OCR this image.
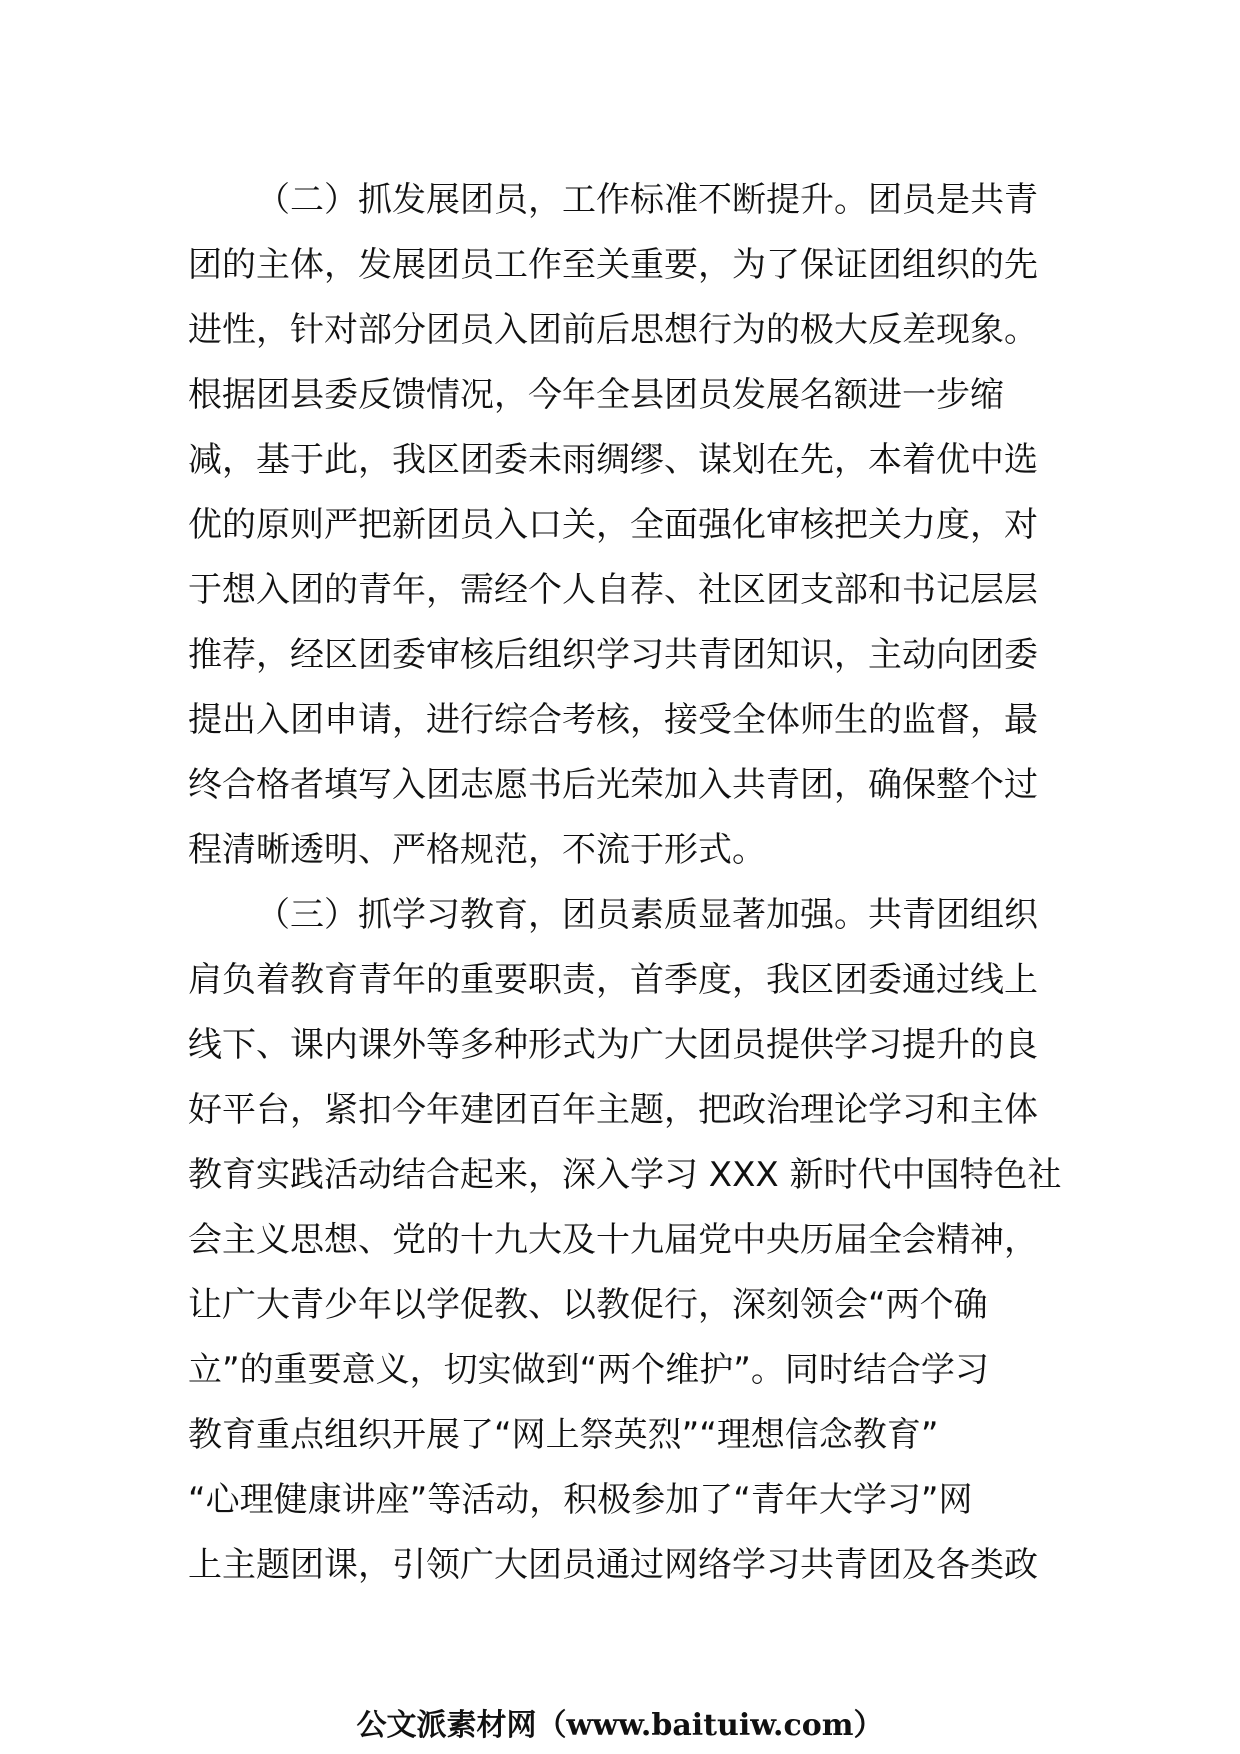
（二）抓发展团员，工作标准不断提升。团员是共青
团的主体，发展团员工作至关重要，为了保证团组织的先
进性，针对部分团员入团前后思想行为的极大反差现象。
根据团县委反馈情况，今年全县团员发展名额进一步缩
减，基于此，我区团委未雨绸缪、谋划在先，本着优中选
优的原则严把新团员入口关，全面强化审核把关力度，对
于想入团的青年，需经个人自荐、社区团支部和书记层层
推荐，经区团委审核后组织学习共青团知识，主动向团委
提出入团申请，进行综合考核，接受全体师生的监督，最
终合格者填写入团志愿书后光荣加入共青团，确保整个过
程清晰透明、严格规范，不流于形式。

（三）抓学习教育，团员素质显著加强。共青团组织
肩负着教育青年的重要职责，首季度，我区团委通过线上
线下、课内课外等多种形式为广大团员提供学习提升的良
好平台，紧扣今年建团百年主题，把政治理论学习和主体
教育实践活动结合起来，深入学习 XXX 新时代中国特色社
会主义思想、党的十九大及十九届党中央历届全会精神，
让广大青少年以学促教、以教促行，深刻领会“两个确
立”的重要意义，切实做到“两个维护”。同时结合学习
教育重点组织开展了“网上祭英烈”“理想信念教育”
“心理健康讲座”等活动，积极参加了“青年大学习”网
上主题团课，引领广大团员通过网络学习共青团及各类政

公文派素材网（www.baituiw.com）
